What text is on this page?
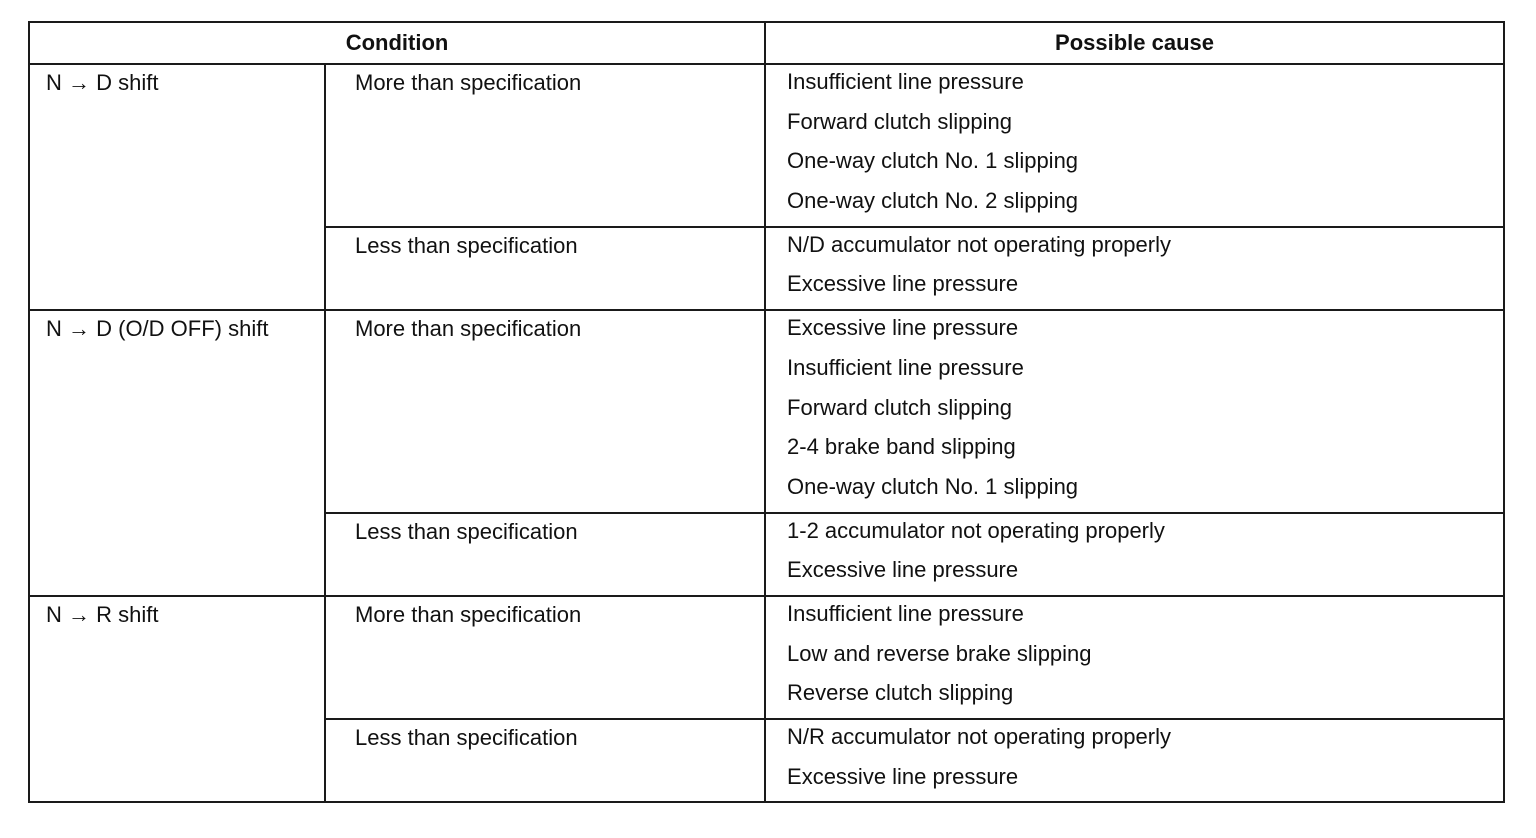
Condition		Possible cause

N → D shift	More than specification	Insufficient line pressure
Forward clutch slipping
One-way clutch No. 1 slipping
One-way clutch No. 2 slipping

	Less than specification	N/D accumulator not operating properly
Excessive line pressure

N → D (O/D OFF) shift	More than specification	Excessive line pressure
Insufficient line pressure
Forward clutch slipping
2-4 brake band slipping
One-way clutch No. 1 slipping

	Less than specification	1-2 accumulator not operating properly
Excessive line pressure

N → R shift	More than specification	Insufficient line pressure
Low and reverse brake slipping
Reverse clutch slipping

	Less than specification	N/R accumulator not operating properly
Excessive line pressure
